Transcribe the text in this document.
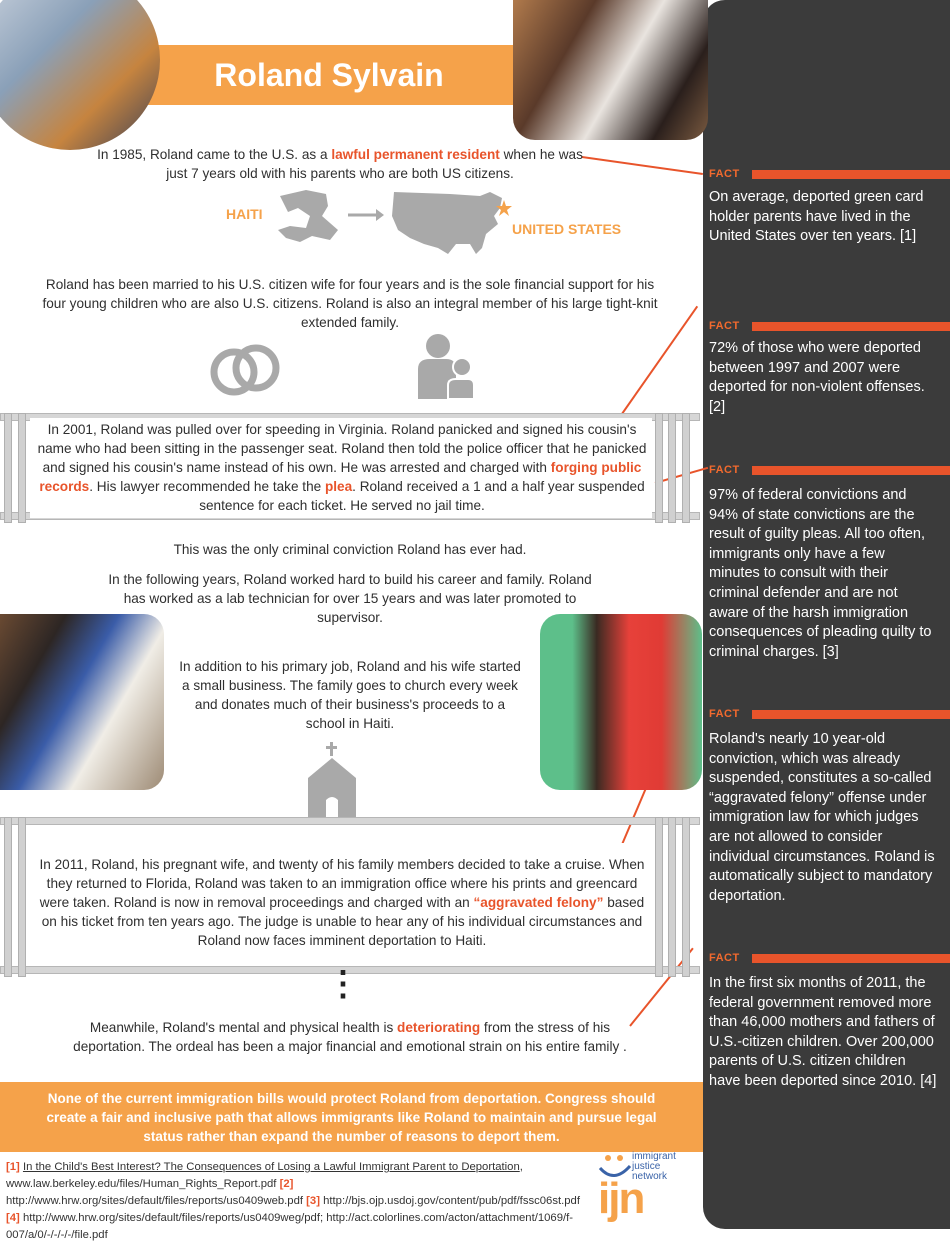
FACT
On average, deported green card holder parents have lived in the United States over ten years. [1]
FACT
72% of those who were deported between 1997 and 2007 were deported for non-violent offenses. [2]
FACT
97% of federal convictions and 94% of state convictions are the result of guilty pleas. All too often, immigrants only have a few minutes to consult with their criminal defender and are not aware of the harsh immigration consequences of pleading quilty to criminal charges. [3]
FACT
Roland's nearly 10 year-old conviction, which was already suspended, constitutes a so-called “aggravated felony” offense under immigration law for which judges are not allowed to consider individual circumstances. Roland is automatically subject to mandatory deportation.
FACT
In the first six months of 2011, the federal government removed more than 46,000 mothers and fathers of U.S.-citizen children. Over 200,000 parents of U.S. citizen children have been deported since 2010. [4]
Roland Sylvain
In 1985, Roland came to the U.S. as a lawful permanent resident when he was just 7 years old with his parents who are both US citizens.
HAITI
UNITED STATES
Roland has been married to his U.S. citizen wife for four years and is the sole financial support for his four young children who are also U.S. citizens. Roland is also an integral member of his large tight-knit extended family.
In 2001, Roland was pulled over for speeding in Virginia. Roland panicked and signed his cousin's name who had been sitting in the passenger seat. Roland then told the police officer that he panicked and signed his cousin's name instead of his own. He was arrested and charged with forging public records. His lawyer recommended he take the plea. Roland received a 1 and a half year suspended sentence for each ticket. He served no jail time.
This was the only criminal conviction Roland has ever had.
In the following years, Roland worked hard to build his career and family. Roland has worked as a lab technician for over 15 years and was later promoted to supervisor.
In addition to his primary job, Roland and his wife started a small business. The family goes to church every week and donates much of their business's proceeds to a school in Haiti.
In 2011, Roland, his pregnant wife, and twenty of his family members decided to take a cruise. When they returned to Florida, Roland was taken to an immigration office where his prints and greencard were taken. Roland is now in removal proceedings and charged with an “aggravated felony” based on his ticket from ten years ago. The judge is unable to hear any of his individual circumstances and Roland now faces imminent deportation to Haiti.
⋮
Meanwhile, Roland's mental and physical health is deteriorating from the stress of his deportation. The ordeal has been a major financial and emotional strain on his entire family .
None of the current immigration bills would protect Roland from deportation. Congress should create a fair and inclusive path that allows immigrants like Roland to maintain and pursue legal status rather than expand the number of reasons to deport them.
[1] In the Child's Best Interest? The Consequences of Losing a Lawful Immigrant Parent to Deportation, www.law.berkeley.edu/files/Human_Rights_Report.pdf [2] http://www.hrw.org/sites/default/files/reports/us0409web.pdf [3] http://bjs.ojp.usdoj.gov/content/pub/pdf/fssc06st.pdf [4] http://www.hrw.org/sites/default/files/reports/us0409weg/pdf; http://act.colorlines.com/acton/attachment/1069/f-007/a/0/-/-/-/-/file.pdf
immigrant justice network
ijn
